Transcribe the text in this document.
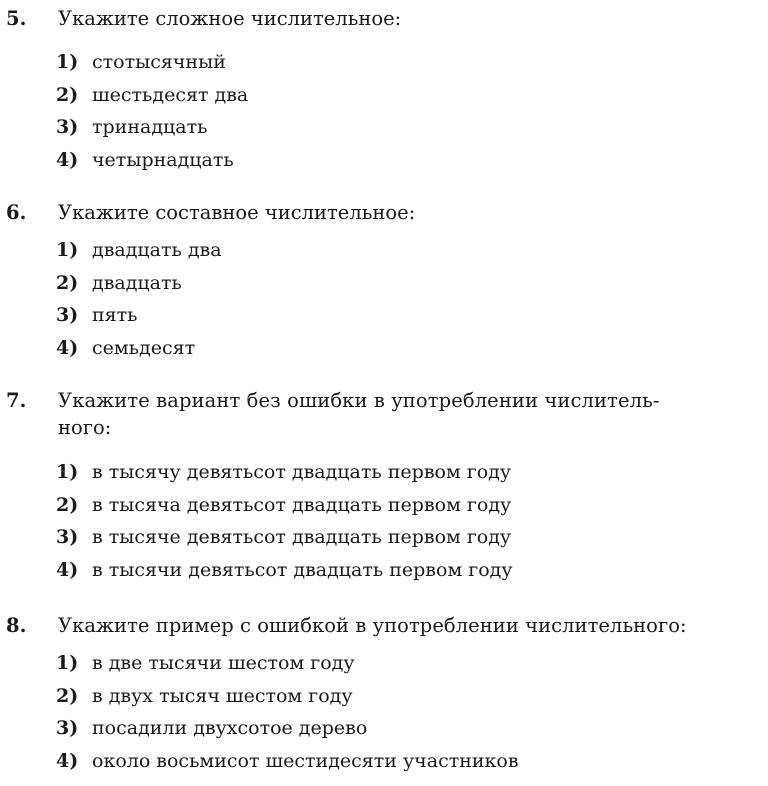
5. Укажите сложное числительное:
1) стотысячный
2) шестьдесят два
3) тринадцать
4) четырнадцать
6. Укажите составное числительное:
1) двадцать два
2) двадцать
3) пять
4) семьдесят
7. Укажите вариант без ошибки в употреблении числитель-
ного:
1) в тысячу девятьсот двадцать первом году
2) в тысяча девятьсот двадцать первом году
3) в тысяче девятьсот двадцать первом году
4) в тысячи девятьсот двадцать первом году
8. Укажите пример с ошибкой в употреблении числительного:
1) в две тысячи шестом году
2) в двух тысяч шестом году
3) посадили двухсотое дерево
4) около восьмисот шестидесяти участников
